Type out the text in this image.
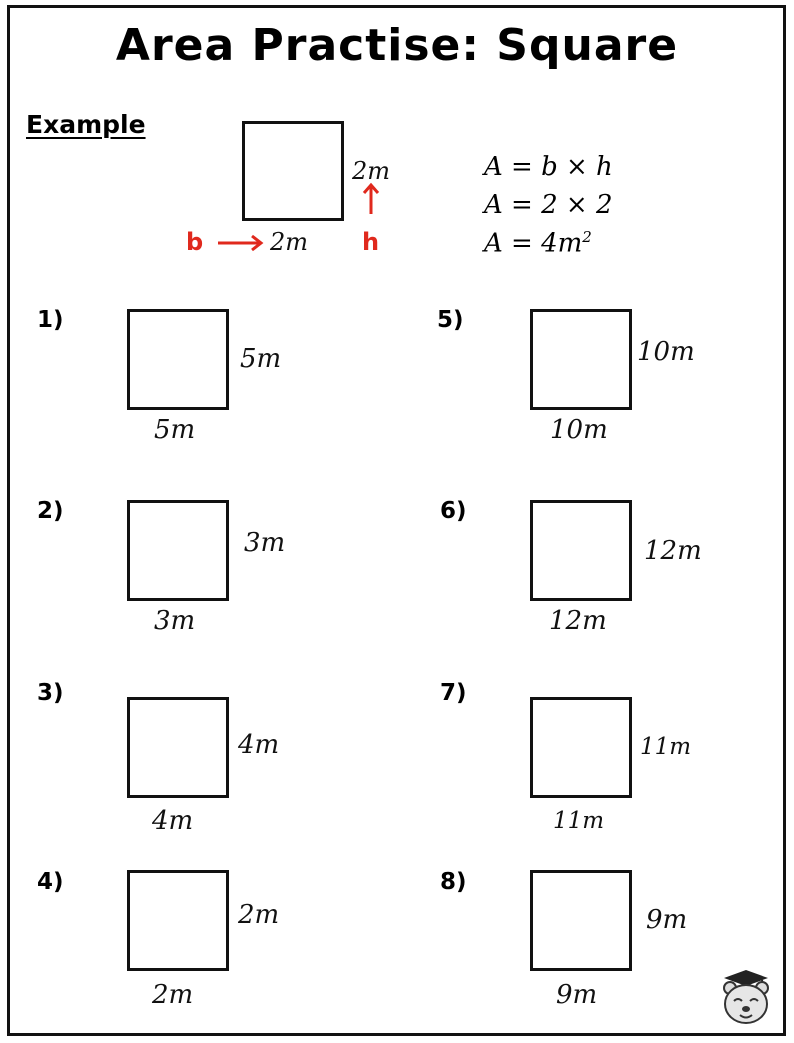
Area Practise: Square
Example
2m
h
b	2m
A = b × h
A = 2 × 2
$A = 4m^2$
1)
5m
5m
2)
3m
3m
3)
4m
4m
4)
2m
2m
5)
10m
10m
6)
12m
12m
7)
11m
11m
8)
9m
9m
